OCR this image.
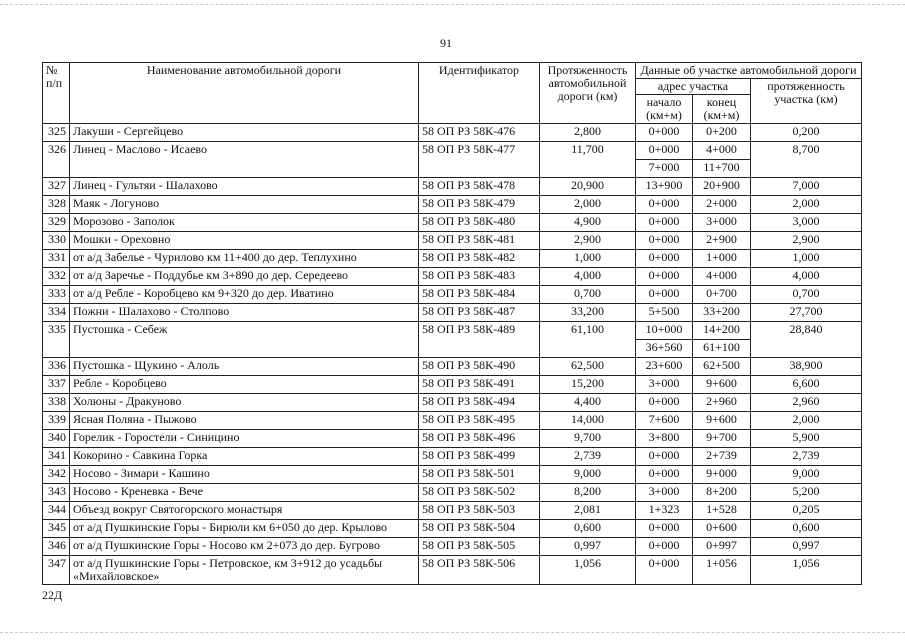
91
№ п/п	Наименование автомобильной дороги	Идентификатор	Протяженность автомобильной дороги (км)	Данные об участке автомобильной дороги		
				адрес участка		протяженность участка (км)
				начало (км+м)	конец (км+м)	
325	Лакуши - Сергейцево	58 ОП РЗ 58К-476	2,800	0+000	0+200	0,200
326	Линец - Маслово - Исаево	58 ОП РЗ 58К-477	11,700	0+000	4+000	8,700
				7+000	11+700	
327	Линец - Гультяи - Шалахово	58 ОП РЗ 58К-478	20,900	13+900	20+900	7,000
328	Маяк - Логуново	58 ОП РЗ 58К-479	2,000	0+000	2+000	2,000
329	Морозово - Заполок	58 ОП РЗ 58К-480	4,900	0+000	3+000	3,000
330	Мошки - Ореховно	58 ОП РЗ 58К-481	2,900	0+000	2+900	2,900
331	от а/д Забелье - Чурилово км 11+400 до дер. Теплухино	58 ОП РЗ 58К-482	1,000	0+000	1+000	1,000
332	от а/д Заречье - Поддубье км 3+890 до дер. Середеево	58 ОП РЗ 58К-483	4,000	0+000	4+000	4,000
333	от а/д Ребле - Коробцево км 9+320 до дер. Иватино	58 ОП РЗ 58К-484	0,700	0+000	0+700	0,700
334	Пожни - Шалахово - Столпово	58 ОП РЗ 58К-487	33,200	5+500	33+200	27,700
335	Пустошка - Себеж	58 ОП РЗ 58К-489	61,100	10+000	14+200	28,840
				36+560	61+100	
336	Пустошка - Щукино - Алоль	58 ОП РЗ 58К-490	62,500	23+600	62+500	38,900
337	Ребле - Коробцево	58 ОП РЗ 58К-491	15,200	3+000	9+600	6,600
338	Холюны - Дракуново	58 ОП РЗ 58К-494	4,400	0+000	2+960	2,960
339	Ясная Поляна - Пыжово	58 ОП РЗ 58К-495	14,000	7+600	9+600	2,000
340	Горелик - Горостели - Синицино	58 ОП РЗ 58К-496	9,700	3+800	9+700	5,900
341	Кокорино - Савкина Горка	58 ОП РЗ 58К-499	2,739	0+000	2+739	2,739
342	Носово - Зимари - Кашино	58 ОП РЗ 58К-501	9,000	0+000	9+000	9,000
343	Носово - Креневка - Вече	58 ОП РЗ 58К-502	8,200	3+000	8+200	5,200
344	Объезд вокруг Святогорского монастыря	58 ОП РЗ 58К-503	2,081	1+323	1+528	0,205
345	от а/д Пушкинские Горы - Бирюли км 6+050 до дер. Крылово	58 ОП РЗ 58К-504	0,600	0+000	0+600	0,600
346	от а/д Пушкинские Горы - Носово км 2+073 до дер. Бугрово	58 ОП РЗ 58К-505	0,997	0+000	0+997	0,997
347	от а/д Пушкинские Горы - Петровское, км 3+912 до усадьбы «Михайловское»	58 ОП РЗ 58К-506	1,056	0+000	1+056	1,056
22Д
